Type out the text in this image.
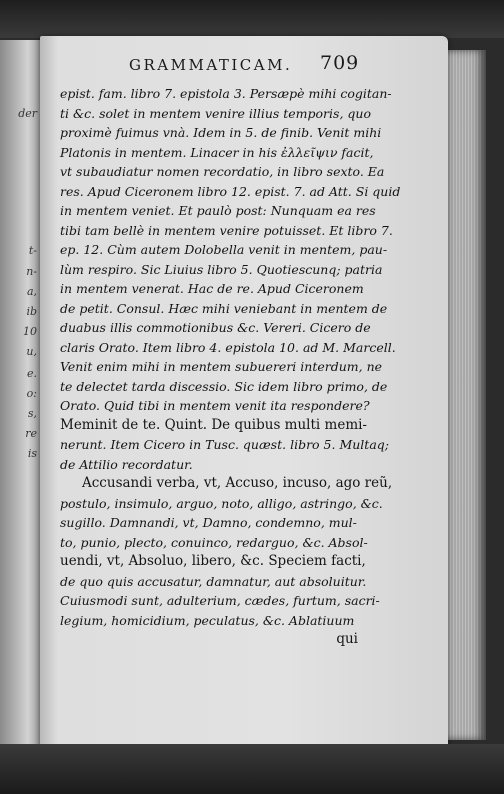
der
t-
n-
a,
ib
10
u,
e.
o:
s,
re
is
GRAMMATICAM. 709
epist. fam. libro 7. epistola 3. Persæpè mihi cogitan-
ti &c. solet in mentem venire illius temporis, quo
proximè fuimus vnà. Idem in 5. de finib. Venit mihi
Platonis in mentem. Linacer in his ἐλλεῖψιν facit,
vt subaudiatur nomen recordatio, in libro sexto. Ea
res. Apud Ciceronem libro 12. epist. 7. ad Att. Si quid
in mentem veniet. Et paulò post: Nunquam ea res
tibi tam bellè in mentem venire potuisset. Et libro 7.
ep. 12. Cùm autem Dolobella venit in mentem, pau-
lùm respiro. Sic Liuius libro 5. Quotiescunq; patria
in mentem venerat. Hac de re. Apud Ciceronem
de petit. Consul. Hæc mihi veniebant in mentem de
duabus illis commotionibus &c. Vereri. Cicero de
claris Orato. Item libro 4. epistola 10. ad M. Marcell.
Venit enim mihi in mentem subuereri interdum, ne
te delectet tarda discessio. Sic idem libro primo, de
Orato. Quid tibi in mentem venit ita respondere?
Meminit de te. Quint. De quibus multi memi-
nerunt. Item Cicero in Tusc. quæst. libro 5. Multaq;
de Attilio recordatur.
Accusandi verba, vt, Accuso, incuso, ago reũ,
postulo, insimulo, arguo, noto, alligo, astringo, &c.
sugillo. Damnandi, vt, Damno, condemno, mul-
to, punio, plecto, conuinco, redarguo, &c. Absol-
uendi, vt, Absoluo, libero, &c. Speciem facti,
de quo quis accusatur, damnatur, aut absoluitur.
Cuiusmodi sunt, adulterium, cædes, furtum, sacri-
legium, homicidium, peculatus, &c. Ablatiuum
qui
